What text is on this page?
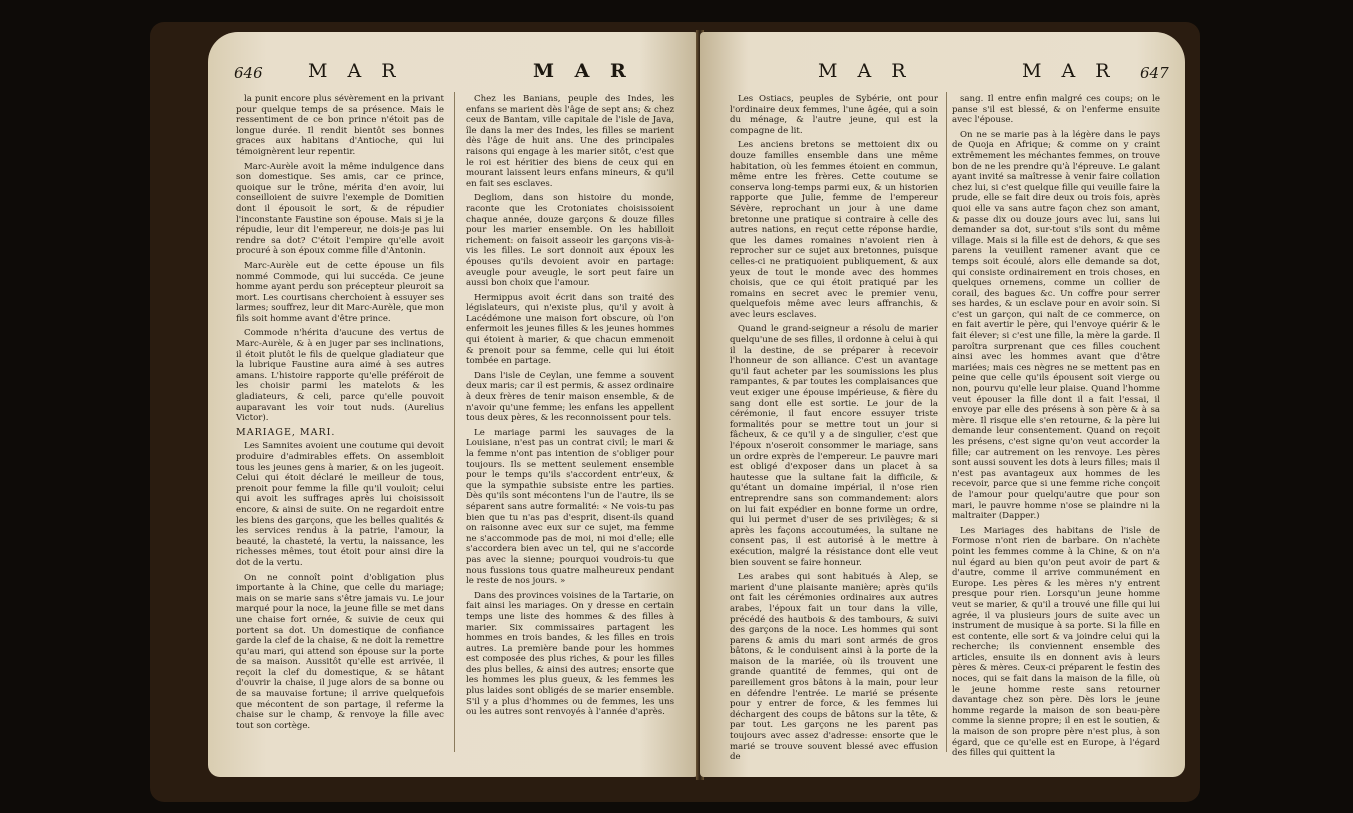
646 M A R	M A R

la punit encore plus sévèrement en la privant pour quelque temps de sa présence. Mais le ressentiment de ce bon prince n'étoit pas de longue durée. Il rendit bientôt ses bonnes graces aux habitans d'Antioche, qui lui témoignèrent leur repentir.

Marc-Aurèle avoit la même indulgence dans son domestique. Ses amis, car ce prince, quoique sur le trône, mérita d'en avoir, lui conseilloient de suivre l'exemple de Domitien dont il épousoit le sort, & de répudier l'inconstante Faustine son épouse. Mais si je la répudie, leur dit l'empereur, ne dois-je pas lui rendre sa dot? C'étoit l'empire qu'elle avoit procuré à son époux comme fille d'Antonin.

Marc-Aurèle eut de cette épouse un fils nommé Commode, qui lui succéda. Ce jeune homme ayant perdu son précepteur pleuroit sa mort. Les courtisans cherchoient à essuyer ses larmes; souffrez, leur dit Marc-Aurèle, que mon fils soit homme avant d'être prince.

Commode n'hérita d'aucune des vertus de Marc-Aurèle, & à en juger par ses inclinations, il étoit plutôt le fils de quelque gladiateur que la lubrique Faustine aura aimé à ses autres amans. L'histoire rapporte qu'elle préféroit de les choisir parmi les matelots & les gladiateurs, & celi, parce qu'elle pouvoit auparavant les voir tout nuds. (Aurelius Victor).

MARIAGE, MARI.

Les Samnites avoient une coutume qui devoit produire d'admirables effets. On assembloit tous les jeunes gens à marier, & on les jugeoit. Celui qui étoit déclaré le meilleur de tous, prenoit pour femme la fille qu'il vouloit; celui qui avoit les suffrages après lui choisissoit encore, & ainsi de suite. On ne regardoit entre les biens des garçons, que les belles qualités & les services rendus à la patrie, l'amour, la beauté, la chasteté, la vertu, la naissance, les richesses mêmes, tout étoit pour ainsi dire la dot de la vertu.

On ne connoît point d'obligation plus importante à la Chine, que celle du mariage; mais on se marie sans s'être jamais vu. Le jour marqué pour la noce, la jeune fille se met dans une chaise fort ornée, & suivie de ceux qui portent sa dot. Un domestique de confiance garde la clef de la chaise, & ne doit la remettre qu'au mari, qui attend son épouse sur la porte de sa maison. Aussitôt qu'elle est arrivée, il reçoit la clef du domestique, & se hâtant d'ouvrir la chaise, il juge alors de sa bonne ou de sa mauvaise fortune; il arrive quelquefois que mécontent de son partage, il referme la chaise sur le champ, & renvoye la fille avec tout son cortège.

Chez les Banians, peuple des Indes, les enfans se marient dès l'âge de sept ans; & chez ceux de Bantam, ville capitale de l'isle de Java, île dans la mer des Indes, les filles se marient dès l'âge de huit ans. Une des principales raisons qui engage à les marier sitôt, c'est que le roi est héritier des biens de ceux qui en mourant laissent leurs enfans mineurs, & qu'il en fait ses esclaves.

Degliom, dans son histoire du monde, raconte que les Crotoniates choisissoient chaque année, douze garçons & douze filles pour les marier ensemble. On les habilloit richement: on faisoit asseoir les garçons vis-à-vis les filles. Le sort donnoit aux époux les épouses qu'ils devoient avoir en partage: aveugle pour aveugle, le sort peut faire un aussi bon choix que l'amour.

Hermippus avoit écrit dans son traité des législateurs, qui n'existe plus, qu'il y avoit à Lacédémone une maison fort obscure, où l'on enfermoit les jeunes filles & les jeunes hommes qui étoient à marier, & que chacun emmenoit & prenoit pour sa femme, celle qui lui étoit tombée en partage.

Dans l'isle de Ceylan, une femme a souvent deux maris; car il est permis, & assez ordinaire à deux frères de tenir maison ensemble, & de n'avoir qu'une femme; les enfans les appellent tous deux pères, & les reconnoissent pour tels.

Le mariage parmi les sauvages de la Louisiane, n'est pas un contrat civil; le mari & la femme n'ont pas intention de s'obliger pour toujours. Ils se mettent seulement ensemble pour le temps qu'ils s'accordent entr'eux, & que la sympathie subsiste entre les parties. Dès qu'ils sont mécontens l'un de l'autre, ils se séparent sans autre formalité: « Ne vois-tu pas bien que tu n'as pas d'esprit, disent-ils quand on raisonne avec eux sur ce sujet, ma femme ne s'accommode pas de moi, ni moi d'elle; elle s'accordera bien avec un tel, qui ne s'accorde pas avec la sienne; pourquoi voudrois-tu que nous fussions tous quatre malheureux pendant le reste de nos jours. »

Dans des provinces voisines de la Tartarie, on fait ainsi les mariages. On y dresse en certain temps une liste des hommes & des filles à marier. Six commissaires partagent les hommes en trois bandes, & les filles en trois autres. La première bande pour les hommes est composée des plus riches, & pour les filles des plus belles, & ainsi des autres; ensorte que les hommes les plus gueux, & les femmes les plus laides sont obligés de se marier ensemble. S'il y a plus d'hommes ou de femmes, les uns ou les autres sont renvoyés à l'année d'après.

M A R	M A R 647

Les Ostiacs, peuples de Sybérie, ont pour l'ordinaire deux femmes, l'une âgée, qui a soin du ménage, & l'autre jeune, qui est la compagne de lit.

Les anciens bretons se mettoient dix ou douze familles ensemble dans une même habitation, où les femmes étoient en commun, même entre les frères. Cette coutume se conserva long-temps parmi eux, & un historien rapporte que Julie, femme de l'empereur Sévère, reprochant un jour à une dame bretonne une pratique si contraire à celle des autres nations, en reçut cette réponse hardie, que les dames romaines n'avoient rien à reprocher sur ce sujet aux bretonnes, puisque celles-ci ne pratiquoient publiquement, & aux yeux de tout le monde avec des hommes choisis, que ce qui étoit pratiqué par les romains en secret avec le premier venu, quelquefois même avec leurs affranchis, & avec leurs esclaves.

Quand le grand-seigneur a résolu de marier quelqu'une de ses filles, il ordonne à celui à qui il la destine, de se préparer à recevoir l'honneur de son alliance. C'est un avantage qu'il faut acheter par les soumissions les plus rampantes, & par toutes les complaisances que veut exiger une épouse impérieuse, & fière du sang dont elle est sortie. Le jour de la cérémonie, il faut encore essuyer triste formalités pour se mettre tout un jour si fâcheux, & ce qu'il y a de singulier, c'est que l'époux n'oseroit consommer le mariage, sans un ordre exprès de l'empereur. Le pauvre mari est obligé d'exposer dans un placet à sa hautesse que la sultane fait la difficile, & qu'étant un domaine impérial, il n'ose rien entreprendre sans son commandement: alors on lui fait expédier en bonne forme un ordre, qui lui permet d'user de ses privilèges; & si après les façons accoutumées, la sultane ne consent pas, il est autorisé à le mettre à exécution, malgré la résistance dont elle veut bien souvent se faire honneur.

Les arabes qui sont habitués à Alep, se marient d'une plaisante manière; après qu'ils ont fait les cérémonies ordinaires aux autres arabes, l'époux fait un tour dans la ville, précédé des hautbois & des tambours, & suivi des garçons de la noce. Les hommes qui sont parens & amis du mari sont armés de gros bâtons, & le conduisent ainsi à la porte de la maison de la mariée, où ils trouvent une grande quantité de femmes, qui ont de pareillement gros bâtons à la main, pour leur en défendre l'entrée. Le marié se présente pour y entrer de force, & les femmes lui déchargent des coups de bâtons sur la tête, & par tout. Les garçons ne les parent pas toujours avec assez d'adresse: ensorte que le marié se trouve souvent blessé avec effusion de

sang. Il entre enfin malgré ces coups; on le panse s'il est blessé, & on l'enferme ensuite avec l'épouse.

On ne se marie pas à la légère dans le pays de Quoja en Afrique; & comme on y craint extrêmement les méchantes femmes, on trouve bon de ne les prendre qu'à l'épreuve. Le galant ayant invité sa maîtresse à venir faire collation chez lui, si c'est quelque fille qui veuille faire la prude, elle se fait dire deux ou trois fois, après quoi elle va sans autre façon chez son amant, & passe dix ou douze jours avec lui, sans lui demander sa dot, sur-tout s'ils sont du même village. Mais si la fille est de dehors, & que ses parens la veuillent ramener avant que ce temps soit écoulé, alors elle demande sa dot, qui consiste ordinairement en trois choses, en quelques ornemens, comme un collier de corail, des bagues &c. Un coffre pour serrer ses hardes, & un esclave pour en avoir soin. Si c'est un garçon, qui naît de ce commerce, on en fait avertir le père, qui l'envoye quérir & le fait élever; si c'est une fille, la mère la garde. Il paroîtra surprenant que ces filles couchent ainsi avec les hommes avant que d'être mariées; mais ces nègres ne se mettent pas en peine que celle qu'ils épousent soit vierge ou non, pourvu qu'elle leur plaise. Quand l'homme veut épouser la fille dont il a fait l'essai, il envoye par elle des présens à son père & à sa mère. Il risque elle s'en retourne, & la père lui demande leur consentement. Quand on reçoit les présens, c'est signe qu'on veut accorder la fille; car autrement on les renvoye. Les pères sont aussi souvent les dots à leurs filles; mais il n'est pas avantageux aux hommes de les recevoir, parce que si une femme riche conçoit de l'amour pour quelqu'autre que pour son mari, le pauvre homme n'ose se plaindre ni la maltraiter (Dapper.)

Les Mariages des habitans de l'isle de Formose n'ont rien de barbare. On n'achète point les femmes comme à la Chine, & on n'a nul égard au bien qu'on peut avoir de part & d'autre, comme il arrive communément en Europe. Les pères & les mères n'y entrent presque pour rien. Lorsqu'un jeune homme veut se marier, & qu'il a trouvé une fille qui lui agrée, il va plusieurs jours de suite avec un instrument de musique à sa porte. Si la fille en est contente, elle sort & va joindre celui qui la recherche; ils conviennent ensemble des articles, ensuite ils en donnent avis à leurs pères & mères. Ceux-ci préparent le festin des noces, qui se fait dans la maison de la fille, où le jeune homme reste sans retourner davantage chez son père. Dès lors le jeune homme regarde la maison de son beau-père comme la sienne propre; il en est le soutien, & la maison de son propre père n'est plus, à son égard, que ce qu'elle est en Europe, à l'égard des filles qui quittent la
